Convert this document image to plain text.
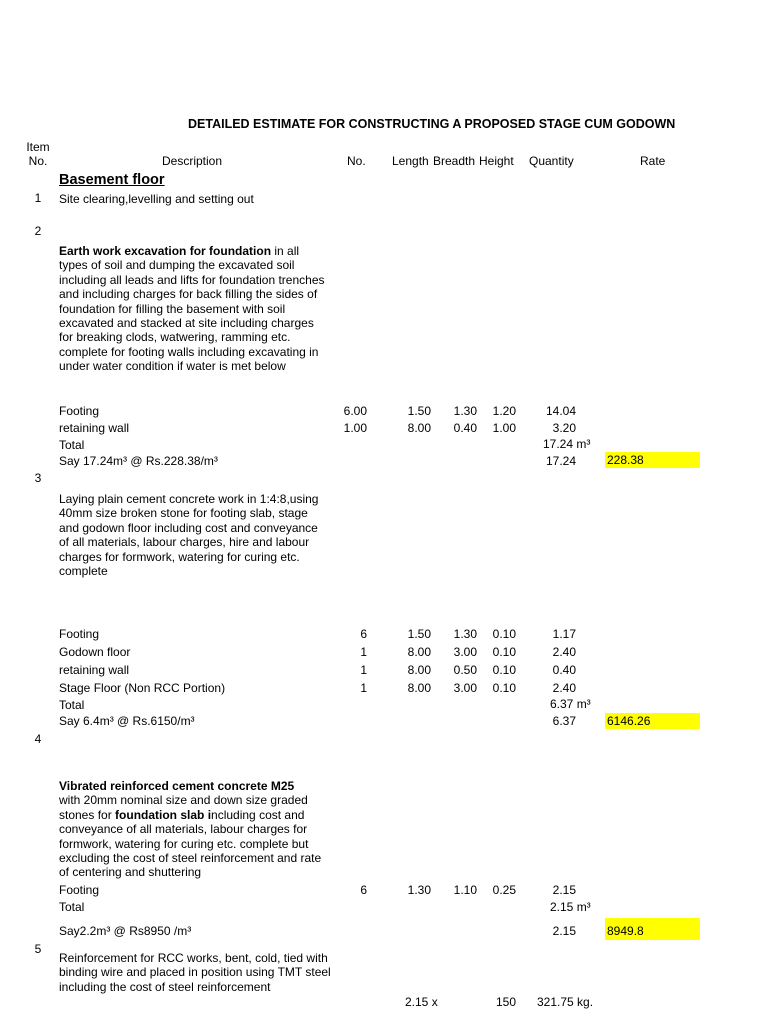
DETAILED ESTIMATE FOR CONSTRUCTING A PROPOSED STAGE CUM GODOWN
Item
No.	Description	No. Length Breadth Height Quantity	Rate
Basement floor
1	Site clearing,levelling and setting out
2
Earth work excavation for foundation in all types of soil and dumping the excavated soil including all leads and lifts for foundation trenches and including charges for back filling the sides of foundation for filling the basement with soil excavated and stacked at site including charges for breaking clods, watwering, ramming etc. complete for footing walls including excavating in under water condition if water is met below
Footing	6.00	1.50	1.30	1.20	14.04
retaining wall	1.00	8.00	0.40	1.00	3.20
Total	17.24 m³
Say 17.24m³ @ Rs.228.38/m³	17.24	228.38
3
Laying plain cement concrete work in 1:4:8,using 40mm size broken stone for footing slab, stage and godown floor including cost and conveyance of all materials, labour charges, hire and labour charges for formwork, watering for curing etc. complete
Footing	6	1.50	1.30	0.10	1.17
Godown floor	1	8.00	3.00	0.10	2.40
retaining wall	1	8.00	0.50	0.10	0.40
Stage Floor (Non RCC Portion)	1	8.00	3.00	0.10	2.40
Total	6.37 m³
Say 6.4m³ @ Rs.6150/m³	6.37	6146.26
4
Vibrated reinforced cement concrete M25
with 20mm nominal size and down size graded stones for foundation slab including cost and conveyance of all materials, labour charges for formwork, watering for curing etc. complete but excluding the cost of steel reinforcement and rate of centering and shuttering
Footing	6	1.30	1.10	0.25	2.15
Total	2.15 m³
Say2.2m³ @ Rs8950 /m³	2.15	8949.8
5
Reinforcement for RCC works, bent, cold, tied with binding wire and placed in position using TMT steel including the cost of steel reinforcement
2.15 x	150 321.75 kg.
